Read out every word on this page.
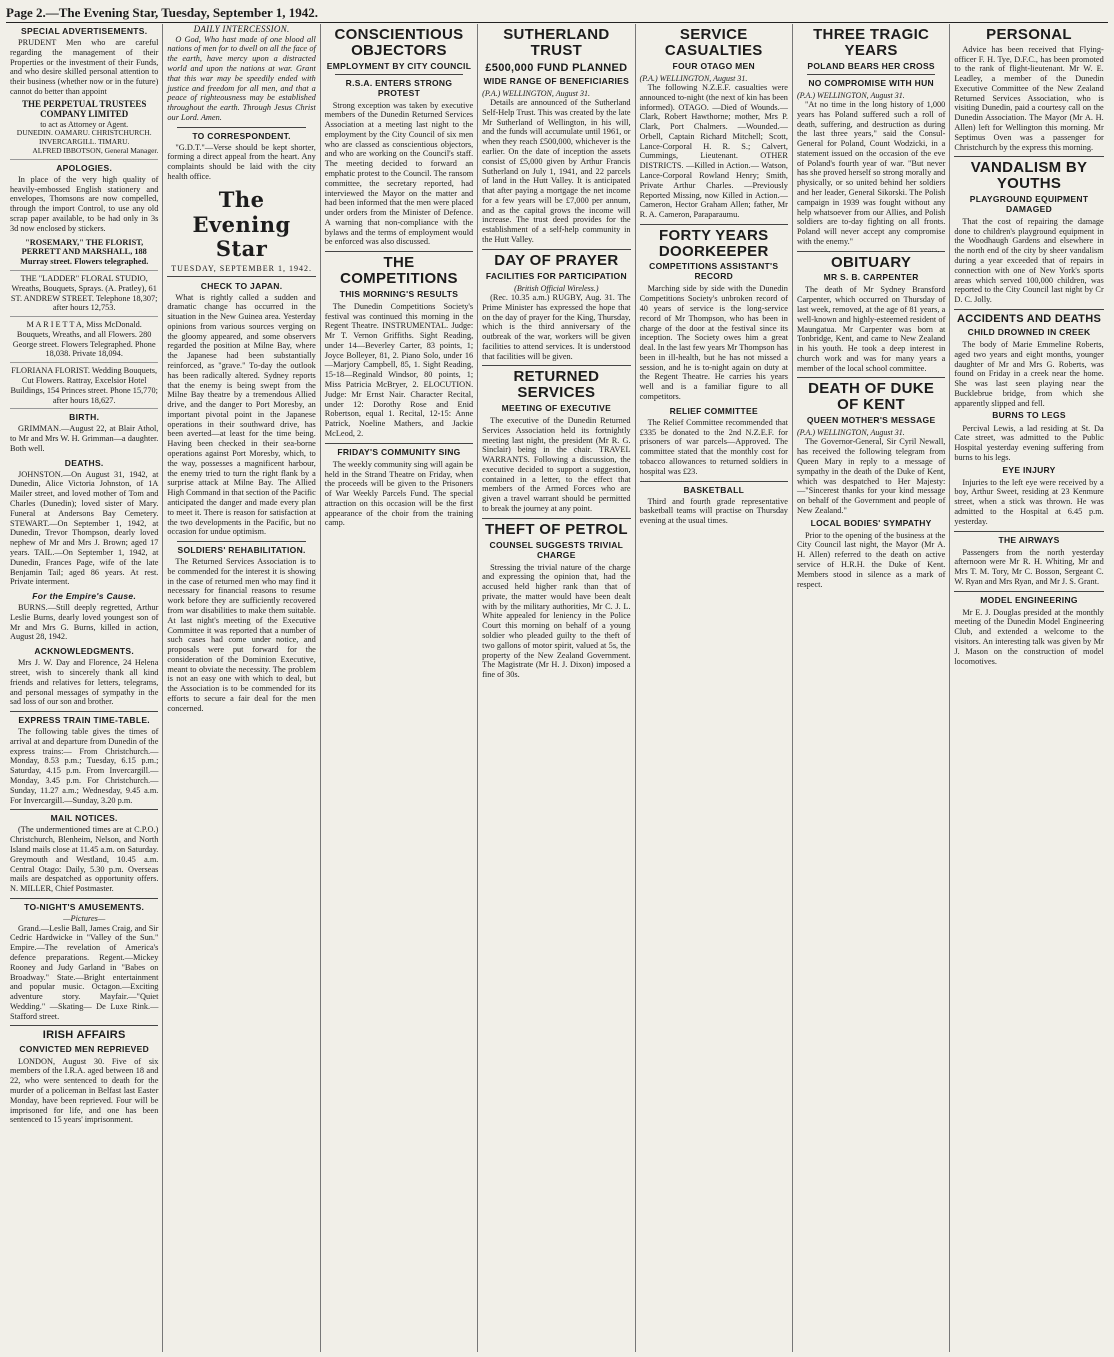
Page 2.—The Evening Star, Tuesday, September 1, 1942.
SPECIAL ADVERTISEMENTS.

PRUDENT Men who are careful regarding the management of their Properties or the investment of their Funds, and who desire skilled personal attention to their business (whether now or in the future) cannot do better than appoint

THE PERPETUAL TRUSTEES COMPANY LIMITED
to act as Attorney or Agent.
DUNEDIN. OAMARU. CHRISTCHURCH. INVERCARGILL. TIMARU.
ALFRED IBBOTSON, General Manager.
APOLOGIES.

In place of the very high quality of heavily-embossed English stationery and envelopes, Thomsons are now compelled, through the import Control, to use any old scrap paper available, to be had only in 3s 3d now enclosed by stickers.

"ROSEMARY," THE FLORIST, PERRETT AND MARSHALL, 188 Murray street. Flowers telegraphed.
THE "LADDER" FLORAL STUDIO, Wreaths, Bouquets, Sprays. (A. Pratley), 61 ST. ANDREW STREET. Telephone 18,307; after hours 12,753.
M A R I E T T A, Miss McDonald. Bouquets, Wreaths, and all Flowers. 280 George street. Flowers Telegraphed. Phone 18,038. Private 18,094.
FLORIANA FLORIST. Wedding Bouquets, Cut Flowers. Rattray, Excelsior Hotel Buildings, 154 Princes street. Phone 15,770; after hours 18,627.
BIRTH.

GRIMMAN.—August 22, at Blair Athol, to Mr and Mrs W. H. Grimman—a daughter. Both well.

DEATHS.

JOHNSTON.—On August 31, 1942, at Dunedin, Alice Victoria Johnston, of 1A Mailer street, and loved mother of Tom and Charles (Dunedin); loved sister of Mary. Funeral at Andersons Bay Cemetery. STEWART.—On September 1, 1942, at Dunedin, Trevor Thompson, dearly loved nephew of Mr and Mrs J. Brown; aged 17 years. TAIL.—On September 1, 1942, at Dunedin, Frances Page, wife of the late Benjamin Tail; aged 86 years. At rest. Private interment.

For the Empire's Cause.

BURNS.—Still deeply regretted, Arthur Leslie Burns, dearly loved youngest son of Mr and Mrs G. Burns, killed in action, August 28, 1942.

ACKNOWLEDGMENTS.

Mrs J. W. Day and Florence, 24 Helena street, wish to sincerely thank all kind friends and relatives for letters, telegrams, and personal messages of sympathy in the sad loss of our son and brother.

EXPRESS TRAIN TIME-TABLE.

The following table gives the times of arrival at and departure from Dunedin of the express trains:— From Christchurch.—Monday, 8.53 p.m.; Tuesday, 6.15 p.m.; Saturday, 4.15 p.m. From Invercargill.—Monday, 3.45 p.m. For Christchurch.—Sunday, 11.27 a.m.; Wednesday, 9.45 a.m. For Invercargill.—Sunday, 3.20 p.m.

MAIL NOTICES.

(The undermentioned times are at C.P.O.) Christchurch, Blenheim, Nelson, and North Island mails close at 11.45 a.m. on Saturday. Greymouth and Westland, 10.45 a.m. Central Otago: Daily, 5.30 p.m. Overseas mails are despatched as opportunity offers. N. MILLER, Chief Postmaster.

TO-NIGHT'S AMUSEMENTS.
—Pictures—

Grand.—Leslie Ball, James Craig, and Sir Cedric Hardwicke in "Valley of the Sun." Empire.—The revelation of America's defence preparations. Regent.—Mickey Rooney and Judy Garland in "Babes on Broadway." State.—Bright entertainment and popular music. Octagon.—Exciting adventure story. Mayfair.—"Quiet Wedding." —Skating— De Luxe Rink.—Stafford street.

IRISH AFFAIRS
CONVICTED MEN REPRIEVED

LONDON, August 30. Five of six members of the I.R.A. aged between 18 and 22, who were sentenced to death for the murder of a policeman in Belfast last Easter Monday, have been reprieved. Four will be imprisoned for life, and one has been sentenced to 15 years' imprisonment.

DAILY INTERCESSION.

O God, Who hast made of one blood all nations of men for to dwell on all the face of the earth, have mercy upon a distracted world and upon the nations at war. Grant that this war may be speedily ended with justice and freedom for all men, and that a peace of righteousness may be established throughout the earth. Through Jesus Christ our Lord. Amen.

TO CORRESPONDENT.

"G.D.T."—Verse should be kept shorter, forming a direct appeal from the heart. Any complaints should be laid with the city health office.

The Evening Star
TUESDAY, SEPTEMBER 1, 1942.
CHECK TO JAPAN.

What is rightly called a sudden and dramatic change has occurred in the situation in the New Guinea area. Yesterday opinions from various sources verging on the gloomy appeared, and some observers regarded the position at Milne Bay, where the Japanese had been substantially reinforced, as "grave." To-day the outlook has been radically altered. Sydney reports that the enemy is being swept from the Milne Bay theatre by a tremendous Allied drive, and the danger to Port Moresby, an important pivotal point in the Japanese operations in their southward drive, has been averted—at least for the time being. Having been checked in their sea-borne operations against Port Moresby, which, to the way, possesses a magnificent harbour, the enemy tried to turn the right flank by a surprise attack at Milne Bay. The Allied High Command in that section of the Pacific anticipated the danger and made every plan to meet it. There is reason for satisfaction at the two developments in the Pacific, but no occasion for undue optimism.

SOLDIERS' REHABILITATION.

The Returned Services Association is to be commended for the interest it is showing in the case of returned men who may find it necessary for financial reasons to resume work before they are sufficiently recovered from war disabilities to make them suitable. At last night's meeting of the Executive Committee it was reported that a number of such cases had come under notice, and proposals were put forward for the consideration of the Dominion Executive, meant to obviate the necessity. The problem is not an easy one with which to deal, but the Association is to be commended for its efforts to secure a fair deal for the men concerned.

CONSCIENTIOUS OBJECTORS
EMPLOYMENT BY CITY COUNCIL
R.S.A. ENTERS STRONG PROTEST

Strong exception was taken by executive members of the Dunedin Returned Services Association at a meeting last night to the employment by the City Council of six men who are classed as conscientious objectors, and who are working on the Council's staff. The meeting decided to forward an emphatic protest to the Council. The ransom committee, the secretary reported, had interviewed the Mayor on the matter and had been informed that the men were placed under orders from the Minister of Defence. A warning that non-compliance with the bylaws and the terms of employment would be enforced was also discussed.

THE COMPETITIONS
THIS MORNING'S RESULTS

The Dunedin Competitions Society's festival was continued this morning in the Regent Theatre. INSTRUMENTAL. Judge: Mr T. Vernon Griffiths. Sight Reading, under 14—Beverley Carter, 83 points, 1; Joyce Bolleyer, 81, 2. Piano Solo, under 16—Marjory Campbell, 85, 1. Sight Reading, 15-18—Reginald Windsor, 80 points, 1; Miss Patricia McBryer, 2. ELOCUTION. Judge: Mr Ernst Nair. Character Recital, under 12: Dorothy Rose and Enid Robertson, equal 1. Recital, 12-15: Anne Patrick, Noeline Mathers, and Jackie McLeod, 2.

FRIDAY'S COMMUNITY SING

The weekly community sing will again be held in the Strand Theatre on Friday, when the proceeds will be given to the Prisoners of War Weekly Parcels Fund. The special attraction on this occasion will be the first appearance of the choir from the training camp.

SUTHERLAND TRUST
£500,000 FUND PLANNED
WIDE RANGE OF BENEFICIARIES
(P.A.) WELLINGTON, August 31.

Details are announced of the Sutherland Self-Help Trust. This was created by the late Mr Sutherland of Wellington, in his will, and the funds will accumulate until 1961, or when they reach £500,000, whichever is the earlier. On the date of inception the assets consist of £5,000 given by Arthur Francis Sutherland on July 1, 1941, and 22 parcels of land in the Hutt Valley. It is anticipated that after paying a mortgage the net income for a few years will be £7,000 per annum, and as the capital grows the income will increase. The trust deed provides for the establishment of a self-help community in the Hutt Valley.

DAY OF PRAYER
FACILITIES FOR PARTICIPATION
(British Official Wireless.)

(Rec. 10.35 a.m.) RUGBY, Aug. 31. The Prime Minister has expressed the hope that on the day of prayer for the King, Thursday, which is the third anniversary of the outbreak of the war, workers will be given facilities to attend services. It is understood that facilities will be given.

RETURNED SERVICES
MEETING OF EXECUTIVE

The executive of the Dunedin Returned Services Association held its fortnightly meeting last night, the president (Mr R. G. Sinclair) being in the chair. TRAVEL WARRANTS. Following a discussion, the executive decided to support a suggestion, contained in a letter, to the effect that members of the Armed Forces who are given a travel warrant should be permitted to break the journey at any point.

THEFT OF PETROL
COUNSEL SUGGESTS TRIVIAL CHARGE

Stressing the trivial nature of the charge and expressing the opinion that, had the accused held higher rank than that of private, the matter would have been dealt with by the military authorities, Mr C. J. L. White appealed for leniency in the Police Court this morning on behalf of a young soldier who pleaded guilty to the theft of two gallons of motor spirit, valued at 5s, the property of the New Zealand Government. The Magistrate (Mr H. J. Dixon) imposed a fine of 30s.

SERVICE CASUALTIES
FOUR OTAGO MEN
(P.A.) WELLINGTON, August 31.

The following N.Z.E.F. casualties were announced to-night (the next of kin has been informed). OTAGO. —Died of Wounds.— Clark, Robert Hawthorne; mother, Mrs P. Clark, Port Chalmers. —Wounded.— Orbell, Captain Richard Mitchell; Scott, Lance-Corporal H. R. S.; Calvert, Cummings, Lieutenant. OTHER DISTRICTS. —Killed in Action.— Watson, Lance-Corporal Rowland Henry; Smith, Private Arthur Charles. —Previously Reported Missing, now Killed in Action.— Cameron, Hector Graham Allen; father, Mr R. A. Cameron, Paraparaumu.

FORTY YEARS DOORKEEPER
COMPETITIONS ASSISTANT'S RECORD

Marching side by side with the Dunedin Competitions Society's unbroken record of 40 years of service is the long-service record of Mr Thompson, who has been in charge of the door at the festival since its inception. The Society owes him a great deal. In the last few years Mr Thompson has been in ill-health, but he has not missed a session, and he is to-night again on duty at the Regent Theatre. He carries his years well and is a familiar figure to all competitors.

RELIEF COMMITTEE

The Relief Committee recommended that £335 be donated to the 2nd N.Z.E.F. for prisoners of war parcels—Approved. The committee stated that the monthly cost for tobacco allowances to returned soldiers in hospital was £23.

BASKETBALL

Third and fourth grade representative basketball teams will practise on Thursday evening at the usual times.

THREE TRAGIC YEARS
POLAND BEARS HER CROSS
NO COMPROMISE WITH HUN
(P.A.) WELLINGTON, August 31.

"At no time in the long history of 1,000 years has Poland suffered such a roll of death, suffering, and destruction as during the last three years," said the Consul-General for Poland, Count Wodzicki, in a statement issued on the occasion of the eve of Poland's fourth year of war. "But never has she proved herself so strong morally and physically, or so united behind her soldiers and her leader, General Sikorski. The Polish campaign in 1939 was fought without any help whatsoever from our Allies, and Polish soldiers are to-day fighting on all fronts. Poland will never accept any compromise with the enemy."

OBITUARY
MR S. B. CARPENTER

The death of Mr Sydney Bransford Carpenter, which occurred on Thursday of last week, removed, at the age of 81 years, a well-known and highly-esteemed resident of Maungatua. Mr Carpenter was born at Tonbridge, Kent, and came to New Zealand in his youth. He took a deep interest in church work and was for many years a member of the local school committee.

DEATH OF DUKE OF KENT
QUEEN MOTHER'S MESSAGE
(P.A.) WELLINGTON, August 31.

The Governor-General, Sir Cyril Newall, has received the following telegram from Queen Mary in reply to a message of sympathy in the death of the Duke of Kent, which was despatched to Her Majesty:—"Sincerest thanks for your kind message on behalf of the Government and people of New Zealand."

LOCAL BODIES' SYMPATHY

Prior to the opening of the business at the City Council last night, the Mayor (Mr A. H. Allen) referred to the death on active service of H.R.H. the Duke of Kent. Members stood in silence as a mark of respect.

PERSONAL

Advice has been received that Flying-officer F. H. Tye, D.F.C., has been promoted to the rank of flight-lieutenant. Mr W. E. Leadley, a member of the Dunedin Executive Committee of the New Zealand Returned Services Association, who is visiting Dunedin, paid a courtesy call on the Dunedin Association. The Mayor (Mr A. H. Allen) left for Wellington this morning. Mr Septimus Oven was a passenger for Christchurch by the express this morning.

VANDALISM BY YOUTHS
PLAYGROUND EQUIPMENT DAMAGED

That the cost of repairing the damage done to children's playground equipment in the Woodhaugh Gardens and elsewhere in the north end of the city by sheer vandalism during a year exceeded that of repairs in connection with one of New York's sports areas which served 100,000 children, was reported to the City Council last night by Cr D. C. Jolly.

ACCIDENTS AND DEATHS
CHILD DROWNED IN CREEK

The body of Marie Emmeline Roberts, aged two years and eight months, younger daughter of Mr and Mrs G. Roberts, was found on Friday in a creek near the home. She was last seen playing near the Bucklebrue bridge, from which she apparently slipped and fell.

BURNS TO LEGS

Percival Lewis, a lad residing at St. Da Cate street, was admitted to the Public Hospital yesterday evening suffering from burns to his legs.

EYE INJURY

Injuries to the left eye were received by a boy, Arthur Sweet, residing at 23 Kenmure street, when a stick was thrown. He was admitted to the Hospital at 6.45 p.m. yesterday.

THE AIRWAYS

Passengers from the north yesterday afternoon were Mr R. H. Whiting, Mr and Mrs T. M. Tory, Mr C. Bosson, Sergeant C. W. Ryan and Mrs Ryan, and Mr J. S. Grant.

MODEL ENGINEERING

Mr E. J. Douglas presided at the monthly meeting of the Dunedin Model Engineering Club, and extended a welcome to the visitors. An interesting talk was given by Mr J. Mason on the construction of model locomotives.
